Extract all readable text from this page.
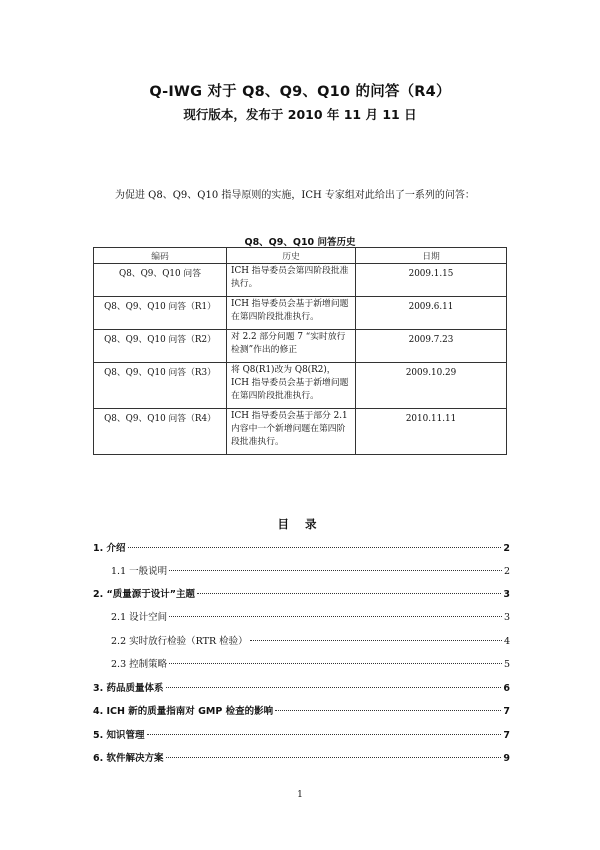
Q-IWG 对于 Q8、Q9、Q10 的问答（R4）
现行版本，发布于 2010 年 11 月 11 日
为促进 Q8、Q9、Q10 指导原则的实施，ICH 专家组对此给出了一系列的问答：
Q8、Q9、Q10 问答历史
编码	历史	日期
Q8、Q9、Q10 问答	ICH 指导委员会第四阶段批准执行。	2009.1.15
Q8、Q9、Q10 问答（R1）	ICH 指导委员会基于新增问题在第四阶段批准执行。	2009.6.11
Q8、Q9、Q10 问答（R2）	对 2.2 部分问题 7 “实时放行检测”作出的修正	2009.7.23
Q8、Q9、Q10 问答（R3）	将 Q8(R1)改为 Q8(R2)，ICH 指导委员会基于新增问题在第四阶段批准执行。	2009.10.29
Q8、Q9、Q10 问答（R4）	ICH 指导委员会基于部分 2.1 内容中一个新增问题在第四阶段批准执行。	2010.11.11
目 录
1. 介绍	2
1.1 一般说明	2
2. “质量源于设计”主题	3
2.1 设计空间	3
2.2 实时放行检验（RTR 检验）	4
2.3 控制策略	5
3. 药品质量体系	6
4. ICH 新的质量指南对 GMP 检查的影响	7
5. 知识管理	7
6. 软件解决方案	9
1
